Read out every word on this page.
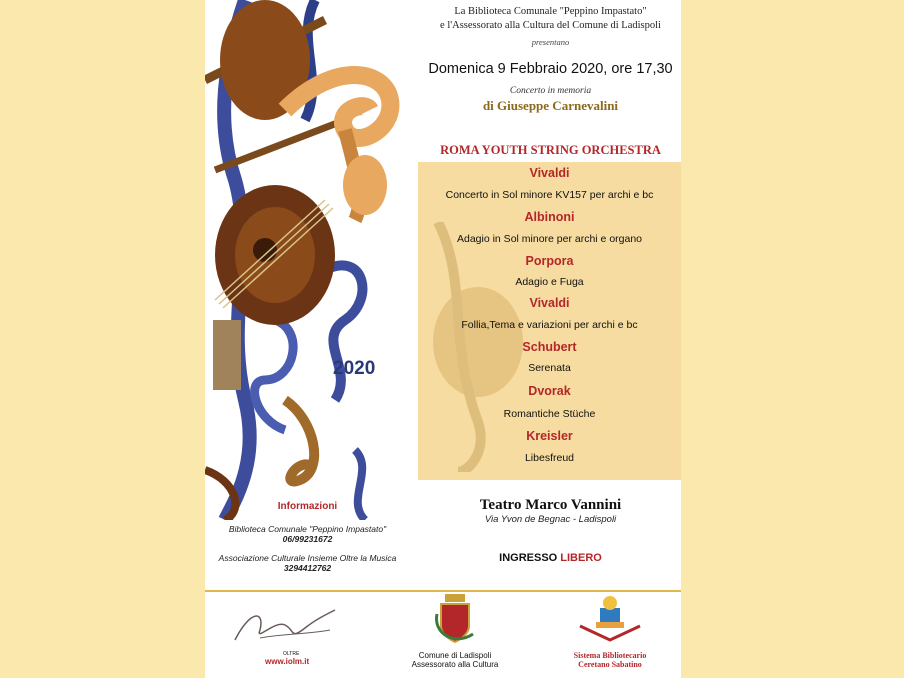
2020
La Biblioteca Comunale "Peppino Impastato"
e l'Assessorato alla Cultura del Comune di Ladispoli
presentano
Domenica 9 Febbraio 2020, ore 17,30
Concerto in memoria
di Giuseppe Carnevalini
ROMA YOUTH STRING ORCHESTRA
Vivaldi
Concerto in Sol minore KV157 per archi e bc
Albinoni
Adagio in Sol minore per archi e organo
Porpora
Adagio e Fuga
Vivaldi
Follia,Tema e variazioni per archi e bc
Schubert
Serenata
Dvorak
Romantiche Stüche
Kreisler
Libesfreud
Informazioni
Biblioteca Comunale "Peppino Impastato"
06/99231672
Associazione Culturale Insieme Oltre la Musica
3294412762
Teatro Marco Vannini
Via Yvon de Begnac - Ladispoli
INGRESSO LIBERO
OLTRE
www.iolm.it
Comune di Ladispoli
Assessorato alla Cultura
Sistema Bibliotecario
Ceretano Sabatino
